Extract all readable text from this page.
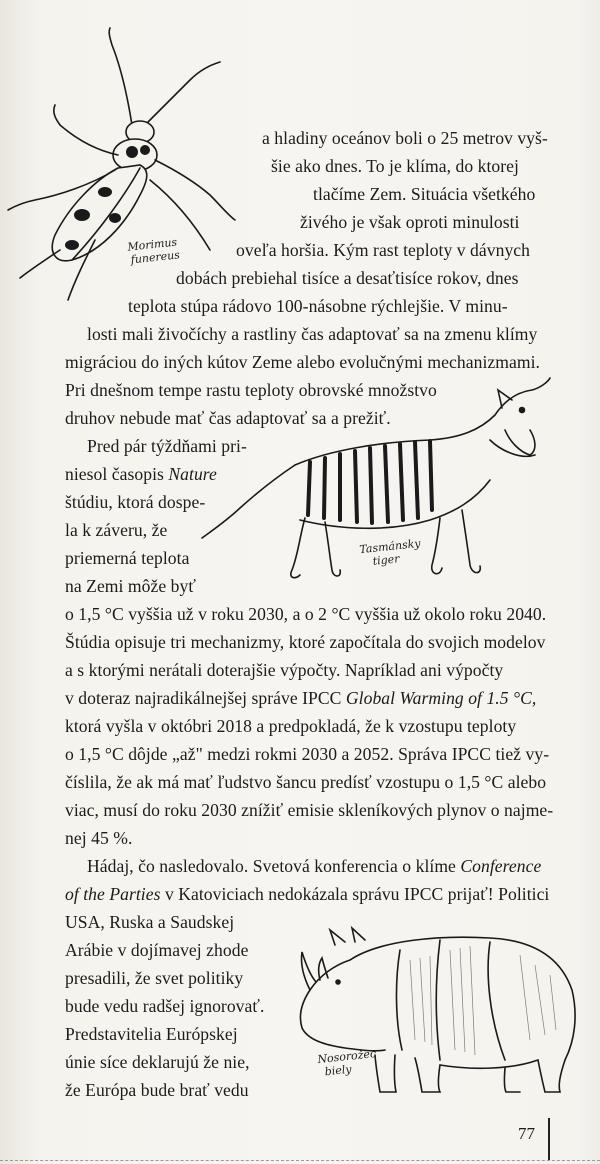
Morimus
funereus
a hladiny oceánov boli o 25 metrov vyš-
šie ako dnes. To je klíma, do ktorej
tlačíme Zem. Situácia všetkého
živého je však oproti minulosti
oveľa horšia. Kým rast teploty v dávnych
dobách prebiehal tisíce a desaťtisíce rokov, dnes
teplota stúpa rádovo 100-násobne rýchlejšie. V minu-
losti mali živočíchy a rastliny čas adaptovať sa na zmenu klímy
migráciou do iných kútov Zeme alebo evolučnými mechanizmami.
Pri dnešnom tempe rastu teploty obrovské množstvo
druhov nebude mať čas adaptovať sa a prežiť.
Tasmánsky
tiger
Pred pár týždňami pri-
niesol časopis Nature
štúdiu, ktorá dospe-
la k záveru, že
priemerná teplota
na Zemi môže byť
o 1,5 °C vyššia už v roku 2030, a o 2 °C vyššia už okolo roku 2040.
Štúdia opisuje tri mechanizmy, ktoré započítala do svojich modelov
a s ktorými nerátali doterajšie výpočty. Napríklad ani výpočty
v doteraz najradikálnejšej správe IPCC Global Warming of 1.5 °C,
ktorá vyšla v októbri 2018 a predpokladá, že k vzostupu teploty
o 1,5 °C dôjde „až" medzi rokmi 2030 a 2052. Správa IPCC tiež vy-
číslila, že ak má mať ľudstvo šancu predísť vzostupu o 1,5 °C alebo
viac, musí do roku 2030 znížiť emisie skleníkových plynov o najme-
nej 45 %.
Hádaj, čo nasledovalo. Svetová konferencia o klíme Conference
of the Parties v Katoviciach nedokázala správu IPCC prijať! Politici
USA, Ruska a Saudskej
Arábie v dojímavej zhode
presadili, že svet politiky
bude vedu radšej ignorovať.
Predstavitelia Európskej
únie síce deklarujú že nie,
že Európa bude brať vedu
Nosorožec
biely
77
